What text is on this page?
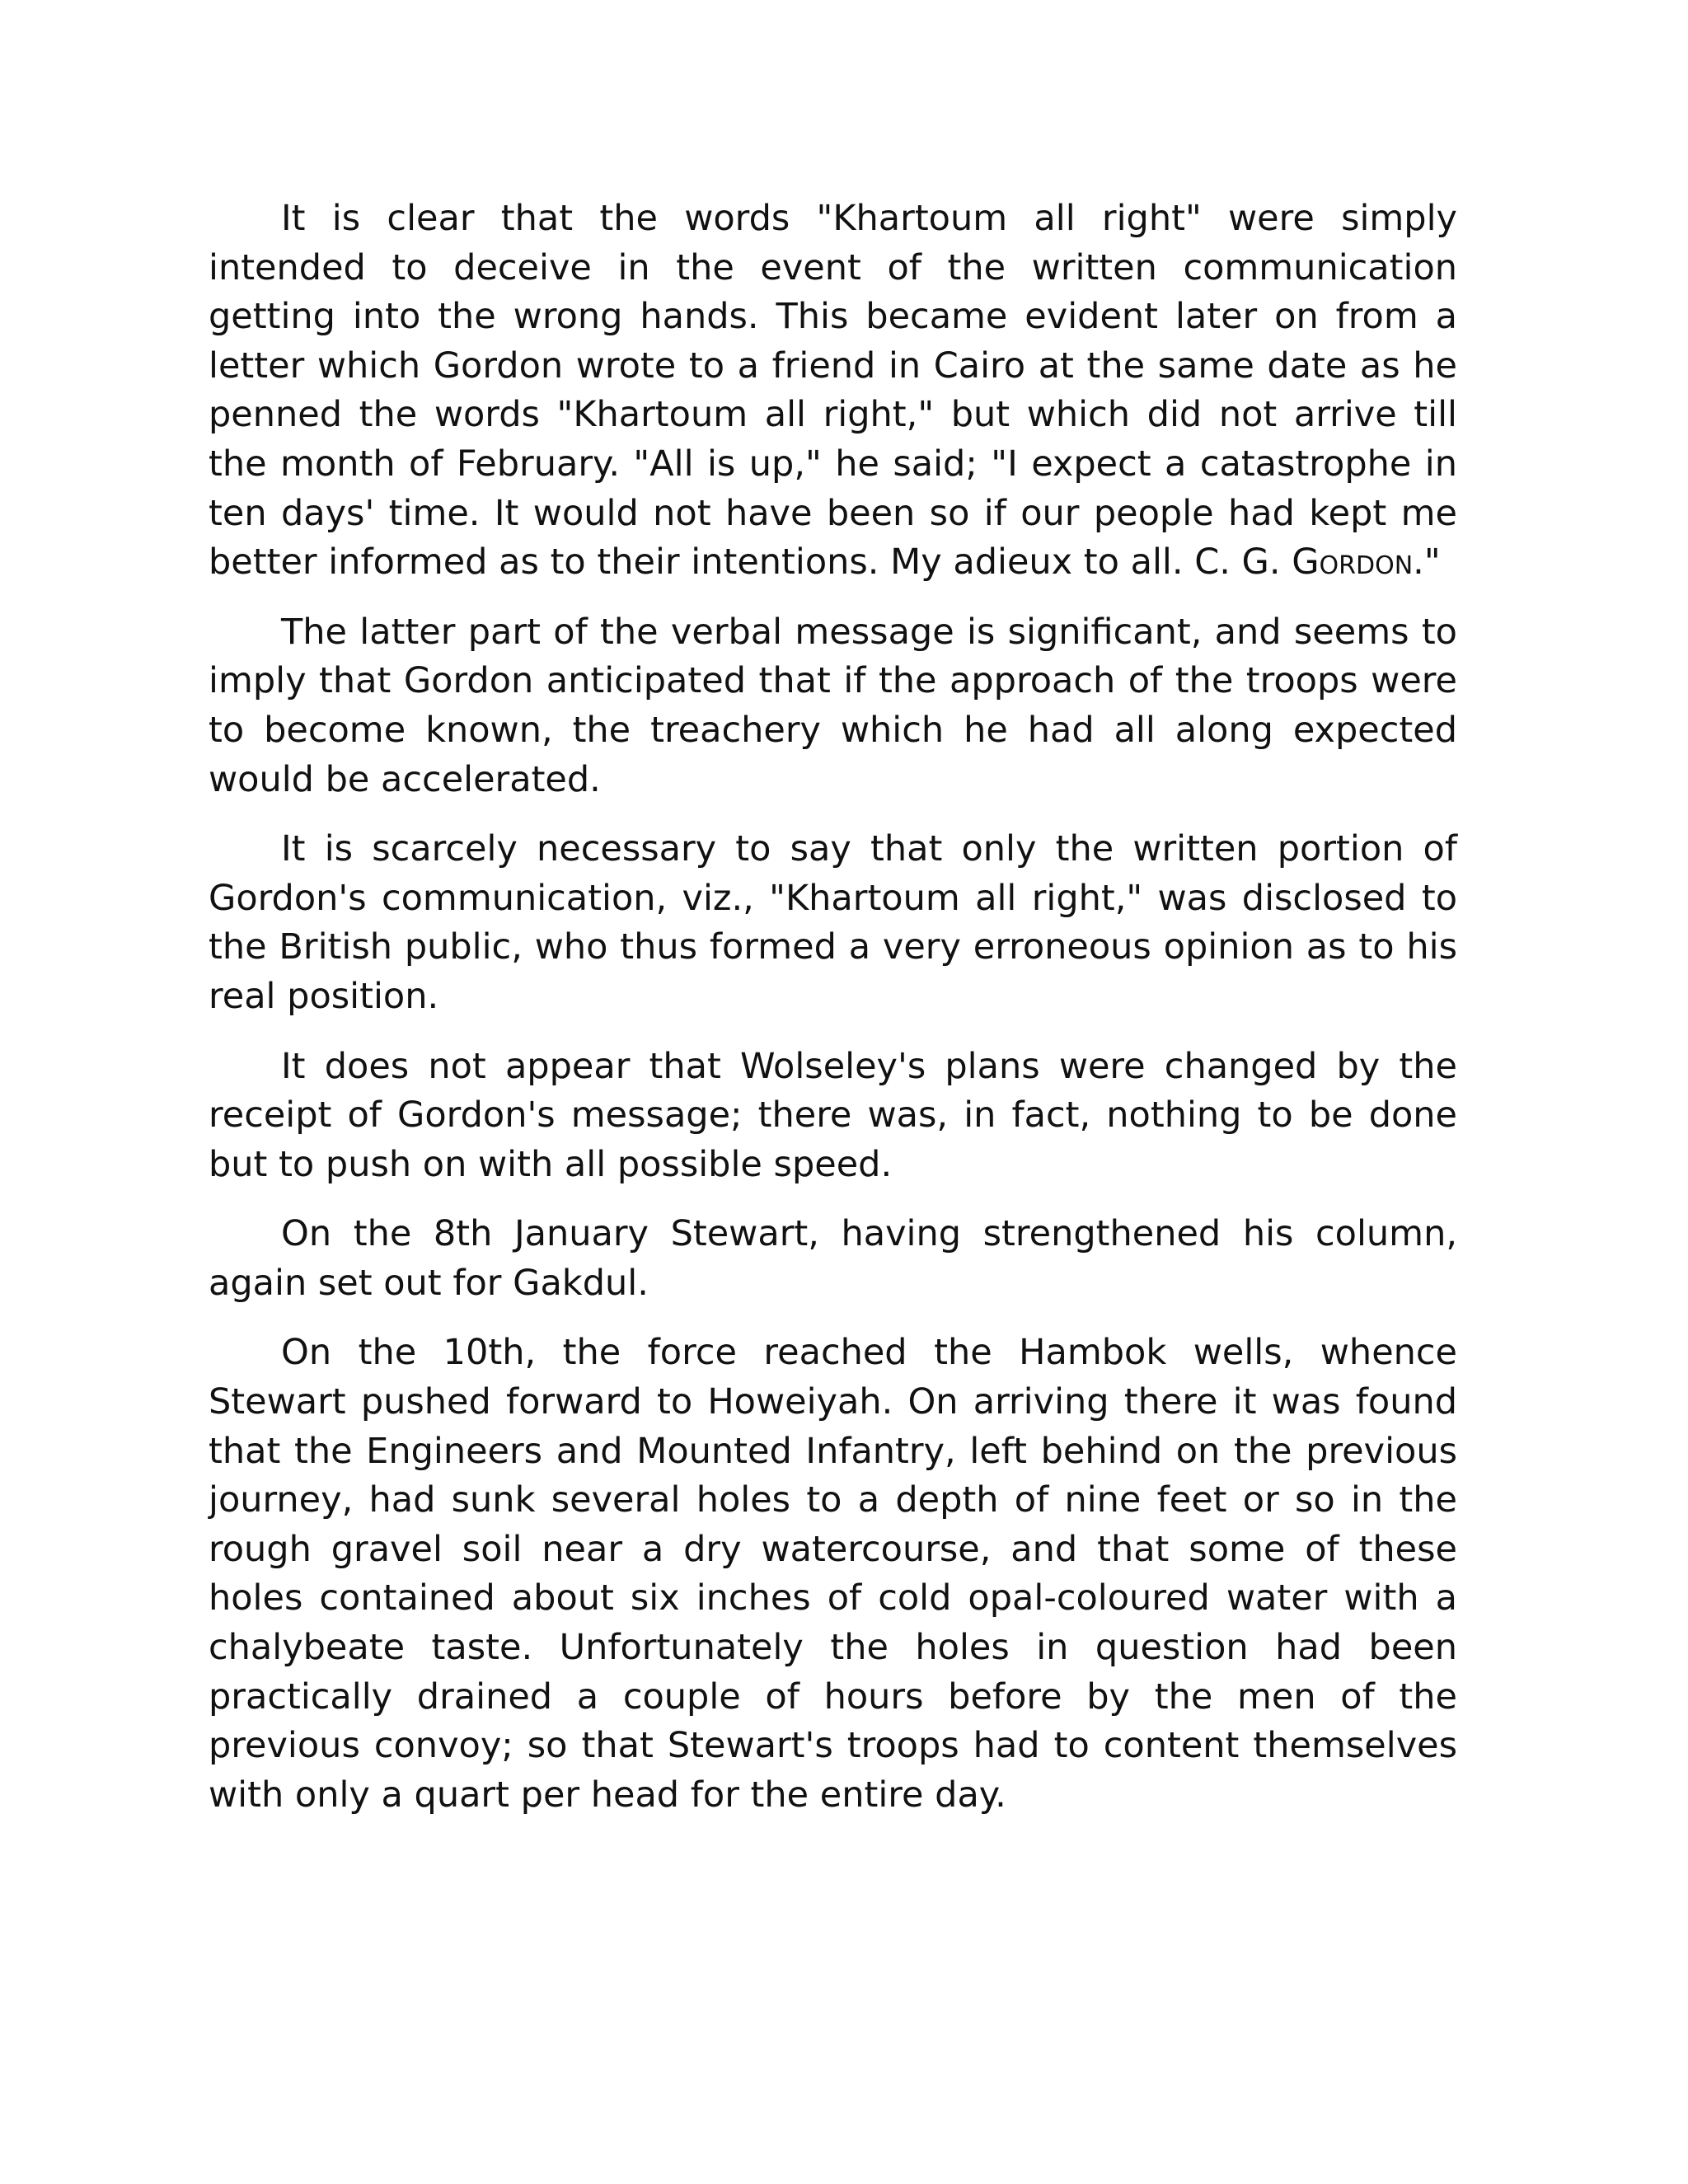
It is clear that the words "Khartoum all right" were simply intended to deceive in the event of the written communication getting into the wrong hands. This became evident later on from a letter which Gordon wrote to a friend in Cairo at the same date as he penned the words "Khartoum all right," but which did not arrive till the month of February. "All is up," he said; "I expect a catastrophe in ten days' time. It would not have been so if our people had kept me better informed as to their intentions. My adieux to all. C. G. Gordon."

The latter part of the verbal message is significant, and seems to imply that Gordon anticipated that if the approach of the troops were to become known, the treachery which he had all along expected would be accelerated.

It is scarcely necessary to say that only the written portion of Gordon's communication, viz., "Khartoum all right," was disclosed to the British public, who thus formed a very erroneous opinion as to his real position.

It does not appear that Wolseley's plans were changed by the receipt of Gordon's message; there was, in fact, nothing to be done but to push on with all possible speed.

On the 8th January Stewart, having strengthened his column, again set out for Gakdul.

On the 10th, the force reached the Hambok wells, whence Stewart pushed forward to Howeiyah. On arriving there it was found that the Engineers and Mounted Infantry, left behind on the previous journey, had sunk several holes to a depth of nine feet or so in the rough gravel soil near a dry watercourse, and that some of these holes contained about six inches of cold opal-coloured water with a chalybeate taste. Unfortunately the holes in question had been practically drained a couple of hours before by the men of the previous convoy; so that Stewart's troops had to content themselves with only a quart per head for the entire day.
